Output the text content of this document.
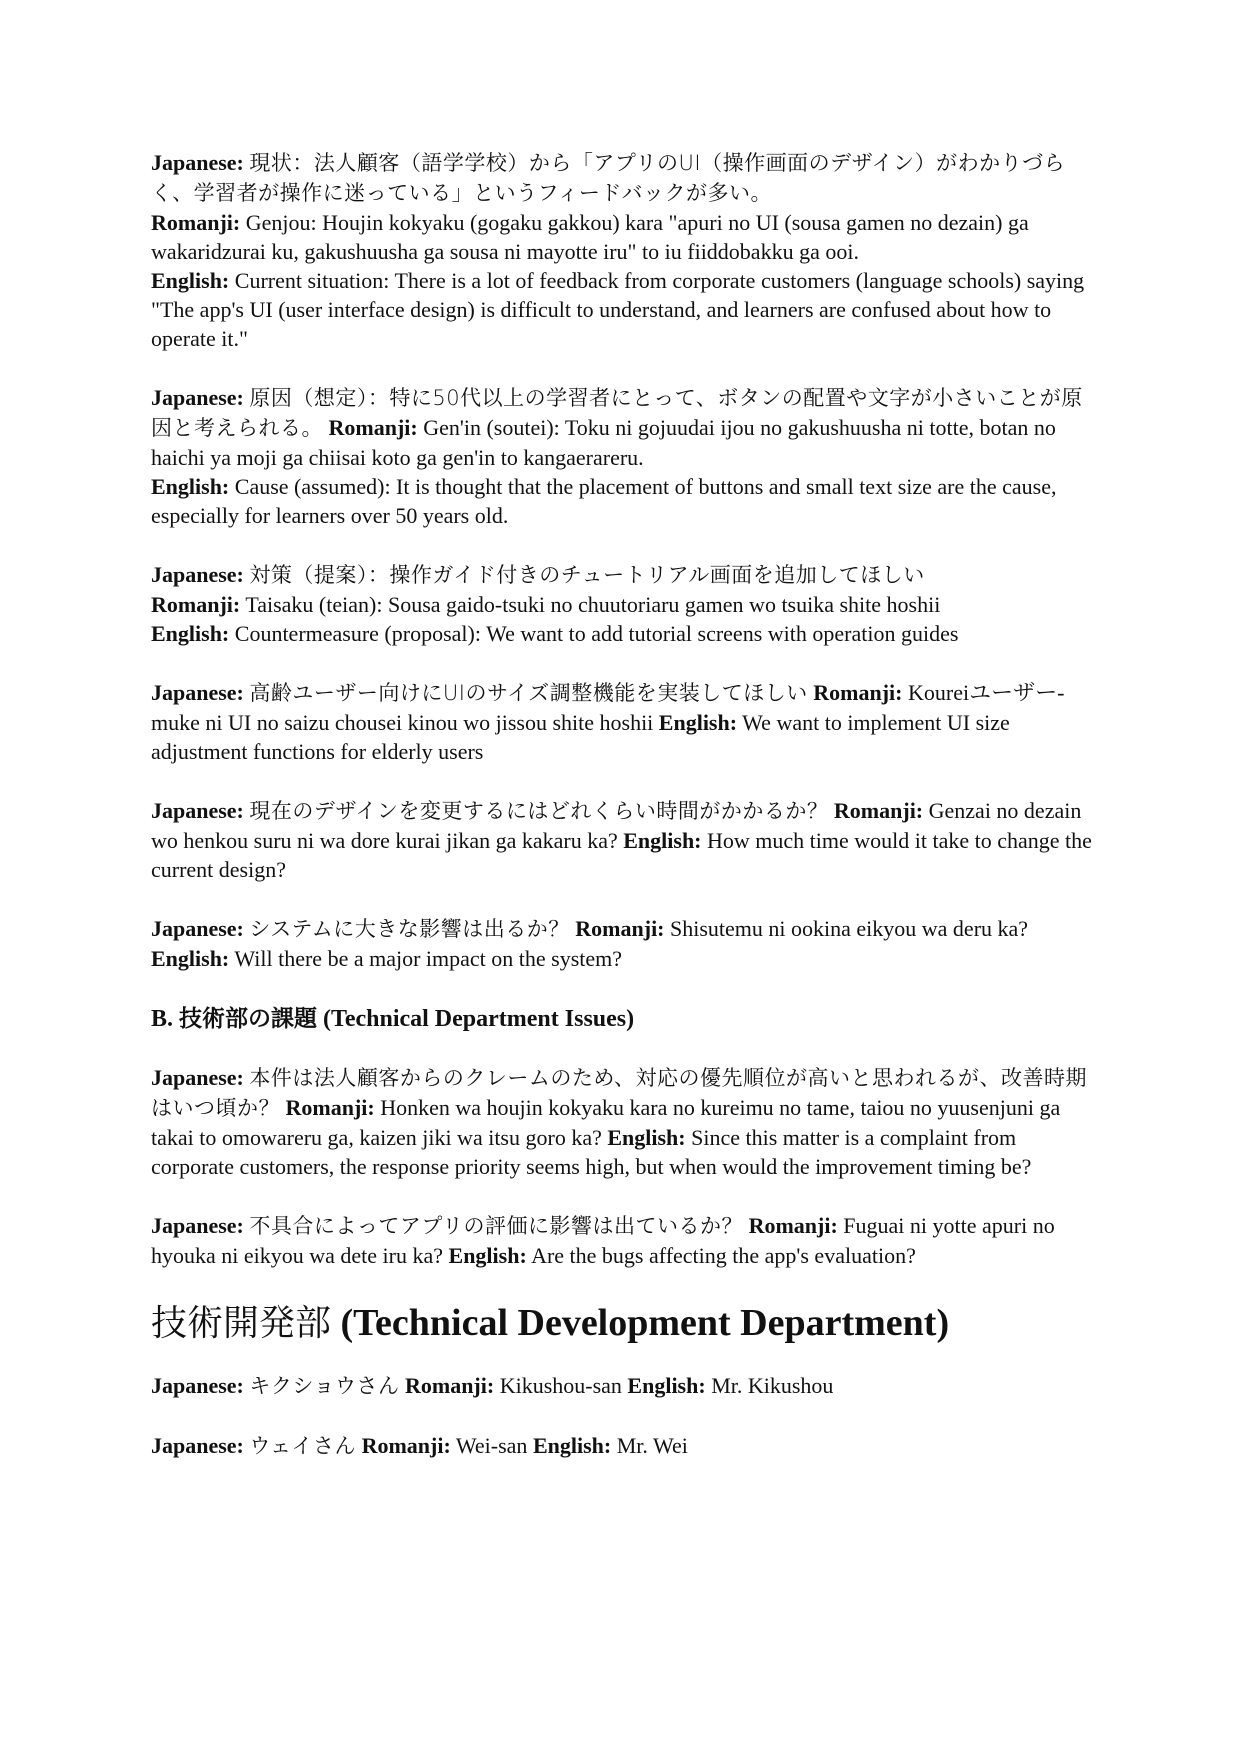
Japanese: 現状：法人顧客（語学学校）から「アプリのUI（操作画面のデザイン）がわかりづらく、学習者が操作に迷っている」というフィードバックが多い。
Romanji: Genjou: Houjin kokyaku (gogaku gakkou) kara "apuri no UI (sousa gamen no dezain) ga wakaridzurai ku, gakushuusha ga sousa ni mayotte iru" to iu fiiddobakku ga ooi.
English: Current situation: There is a lot of feedback from corporate customers (language schools) saying "The app's UI (user interface design) is difficult to understand, and learners are confused about how to operate it."
Japanese: 原因（想定）：特に50代以上の学習者にとって、ボタンの配置や文字が小さいことが原因と考えられる。 Romanji: Gen'in (soutei): Toku ni gojuudai ijou no gakushuusha ni totte, botan no haichi ya moji ga chiisai koto ga gen'in to kangaerareru.
English: Cause (assumed): It is thought that the placement of buttons and small text size are the cause, especially for learners over 50 years old.
Japanese: 対策（提案）：操作ガイド付きのチュートリアル画面を追加してほしい
Romanji: Taisaku (teian): Sousa gaido-tsuki no chuutoriaru gamen wo tsuika shite hoshii
English: Countermeasure (proposal): We want to add tutorial screens with operation guides
Japanese: 高齢ユーザー向けにUIのサイズ調整機能を実装してほしい Romanji: Koureiユーザー-muke ni UI no saizu chousei kinou wo jissou shite hoshii English: We want to implement UI size adjustment functions for elderly users
Japanese: 現在のデザインを変更するにはどれくらい時間がかかるか？ Romanji: Genzai no dezain wo henkou suru ni wa dore kurai jikan ga kakaru ka? English: How much time would it take to change the current design?
Japanese: システムに大きな影響は出るか？ Romanji: Shisutemu ni ookina eikyou wa deru ka? English: Will there be a major impact on the system?
B. 技術部の課題 (Technical Department Issues)
Japanese: 本件は法人顧客からのクレームのため、対応の優先順位が高いと思われるが、改善時期はいつ頃か？ Romanji: Honken wa houjin kokyaku kara no kureimu no tame, taiou no yuusenjuni ga takai to omowareru ga, kaizen jiki wa itsu goro ka? English: Since this matter is a complaint from corporate customers, the response priority seems high, but when would the improvement timing be?
Japanese: 不具合によってアプリの評価に影響は出ているか？ Romanji: Fuguai ni yotte apuri no hyouka ni eikyou wa dete iru ka? English: Are the bugs affecting the app's evaluation?
技術開発部 (Technical Development Department)
Japanese: キクショウさん Romanji: Kikushou-san English: Mr. Kikushou
Japanese: ウェイさん Romanji: Wei-san English: Mr. Wei
